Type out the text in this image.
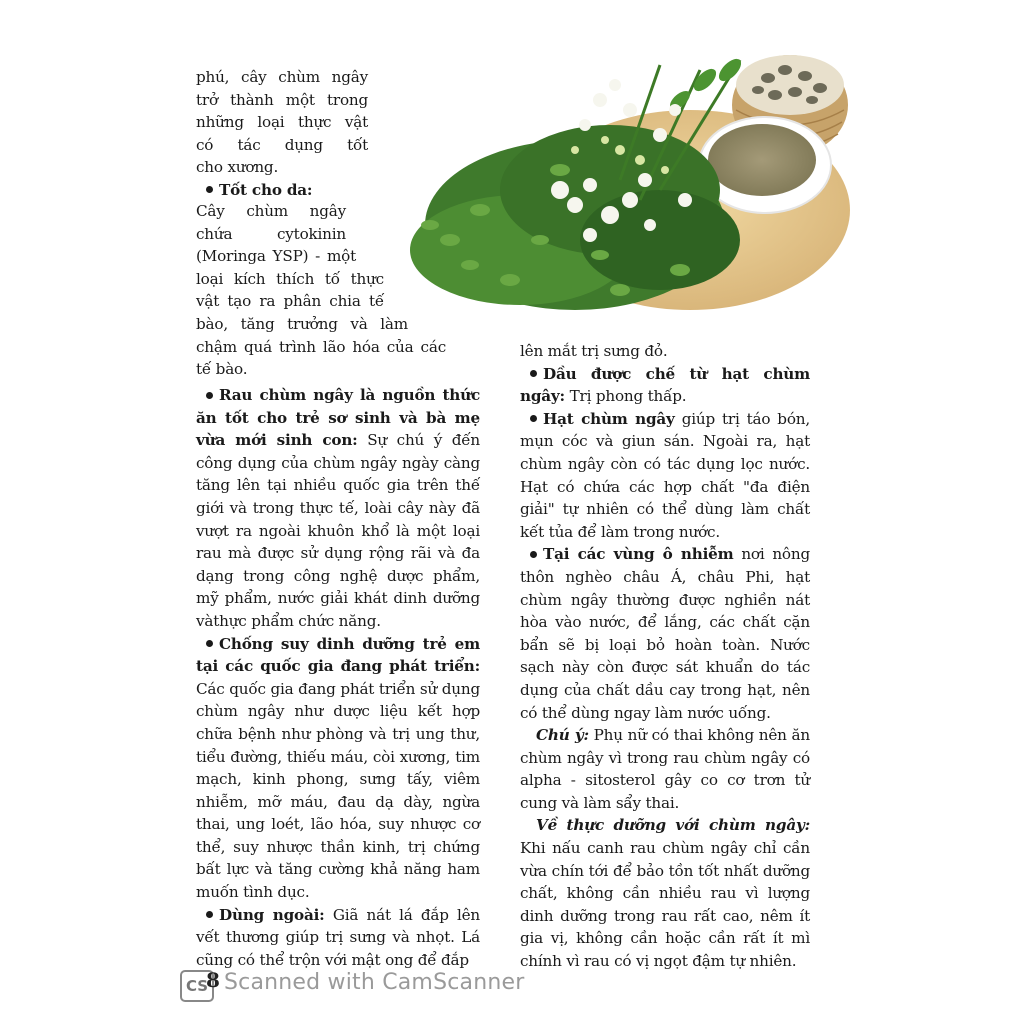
phú, cây chùm ngây
trở thành một trong
những loại thực vật
có tác dụng tốt
cho xương.
Tốt cho da:
Cây chùm ngây
chứa cytokinin
(Moringa YSP) - một
loại kích thích tố thực
vật tạo ra phân chia tế
bào, tăng trưởng và làm
chậm quá trình lão hóa của các
tế bào.

Rau chùm ngây là nguồn thức ăn tốt cho trẻ sơ sinh và bà mẹ vừa mới sinh con: Sự chú ý đến công dụng của chùm ngây ngày càng tăng lên tại nhiều quốc gia trên thế giới và trong thực tế, loài cây này đã vượt ra ngoài khuôn khổ là một loại rau mà được sử dụng rộng rãi và đa dạng trong công nghệ dược phẩm, mỹ phẩm, nước giải khát dinh dưỡng vàthực phẩm chức năng.

Chống suy dinh dưỡng trẻ em tại các quốc gia đang phát triển: Các quốc gia đang phát triển sử dụng chùm ngây như dược liệu kết hợp chữa bệnh như phòng và trị ung thư, tiểu đường, thiếu máu, còi xương, tim mạch, kinh phong, sưng tấy, viêm nhiễm, mỡ máu, đau dạ dày, ngừa thai, ung loét, lão hóa, suy nhược cơ thể, suy nhược thần kinh, trị chứng bất lực và tăng cường khả năng ham muốn tình dục.

Dùng ngoài: Giã nát lá đắp lên vết thương giúp trị sưng và nhọt. Lá cũng có thể trộn với mật ong để đắp

lên mắt trị sưng đỏ.

Dầu được chế từ hạt chùm ngây: Trị phong thấp.

Hạt chùm ngây giúp trị táo bón, mụn cóc và giun sán. Ngoài ra, hạt chùm ngây còn có tác dụng lọc nước. Hạt có chứa các hợp chất "đa điện giải" tự nhiên có thể dùng làm chất kết tủa để làm trong nước.

Tại các vùng ô nhiễm nơi nông thôn nghèo châu Á, châu Phi, hạt chùm ngây thường được nghiền nát hòa vào nước, để lắng, các chất cặn bẩn sẽ bị loại bỏ hoàn toàn. Nước sạch này còn được sát khuẩn do tác dụng của chất dầu cay trong hạt, nên có thể dùng ngay làm nước uống.

Chú ý: Phụ nữ có thai không nên ăn chùm ngây vì trong rau chùm ngây có alpha - sitosterol gây co cơ trơn tử cung và làm sẩy thai.

Về thực dưỡng với chùm ngây: Khi nấu canh rau chùm ngây chỉ cần vừa chín tới để bảo tồn tốt nhất dưỡng chất, không cần nhiều rau vì lượng dinh dưỡng trong rau rất cao, nêm ít gia vị, không cần hoặc cần rất ít mì chính vì rau có vị ngọt đậm tự nhiên.

CS
8 Scanned with CamScanner
